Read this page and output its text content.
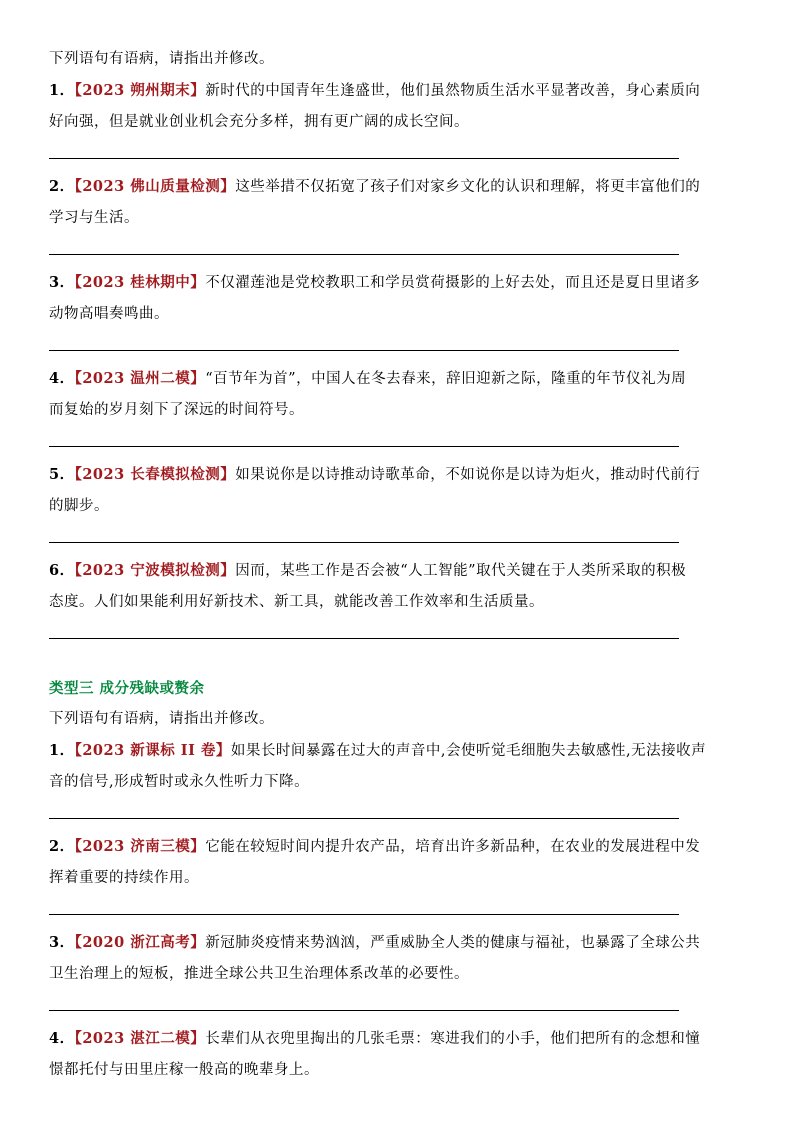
下列语句有语病，请指出并修改。
1．【2023 朔州期末】新时代的中国青年生逢盛世，他们虽然物质生活水平显著改善，身心素质向
好向强，但是就业创业机会充分多样，拥有更广阔的成长空间。
2．【2023 佛山质量检测】这些举措不仅拓宽了孩子们对家乡文化的认识和理解，将更丰富他们的
学习与生活。
3．【2023 桂林期中】不仅濯莲池是党校教职工和学员赏荷摄影的上好去处，而且还是夏日里诸多
动物高唱奏鸣曲。
4．【2023 温州二模】“百节年为首”，中国人在冬去春来，辞旧迎新之际，隆重的年节仪礼为周
而复始的岁月刻下了深远的时间符号。
5．【2023 长春模拟检测】如果说你是以诗推动诗歌革命，不如说你是以诗为炬火，推动时代前行
的脚步。
6．【2023 宁波模拟检测】因而，某些工作是否会被“人工智能”取代关键在于人类所采取的积极
态度。人们如果能利用好新技术、新工具，就能改善工作效率和生活质量。
类型三 成分残缺或赘余
下列语句有语病，请指出并修改。
1．【2023 新课标 II 卷】如果长时间暴露在过大的声音中,会使听觉毛细胞失去敏感性,无法接收声
音的信号,形成暂时或永久性听力下降。
2．【2023 济南三模】它能在较短时间内提升农产品，培育出许多新品种，在农业的发展进程中发
挥着重要的持续作用。
3．【2020 浙江高考】新冠肺炎疫情来势汹汹，严重威胁全人类的健康与福祉，也暴露了全球公共
卫生治理上的短板，推进全球公共卫生治理体系改革的必要性。
4．【2023 湛江二模】长辈们从衣兜里掏出的几张毛票：寒进我们的小手，他们把所有的念想和憧
憬都托付与田里庄稼一般高的晚辈身上。
